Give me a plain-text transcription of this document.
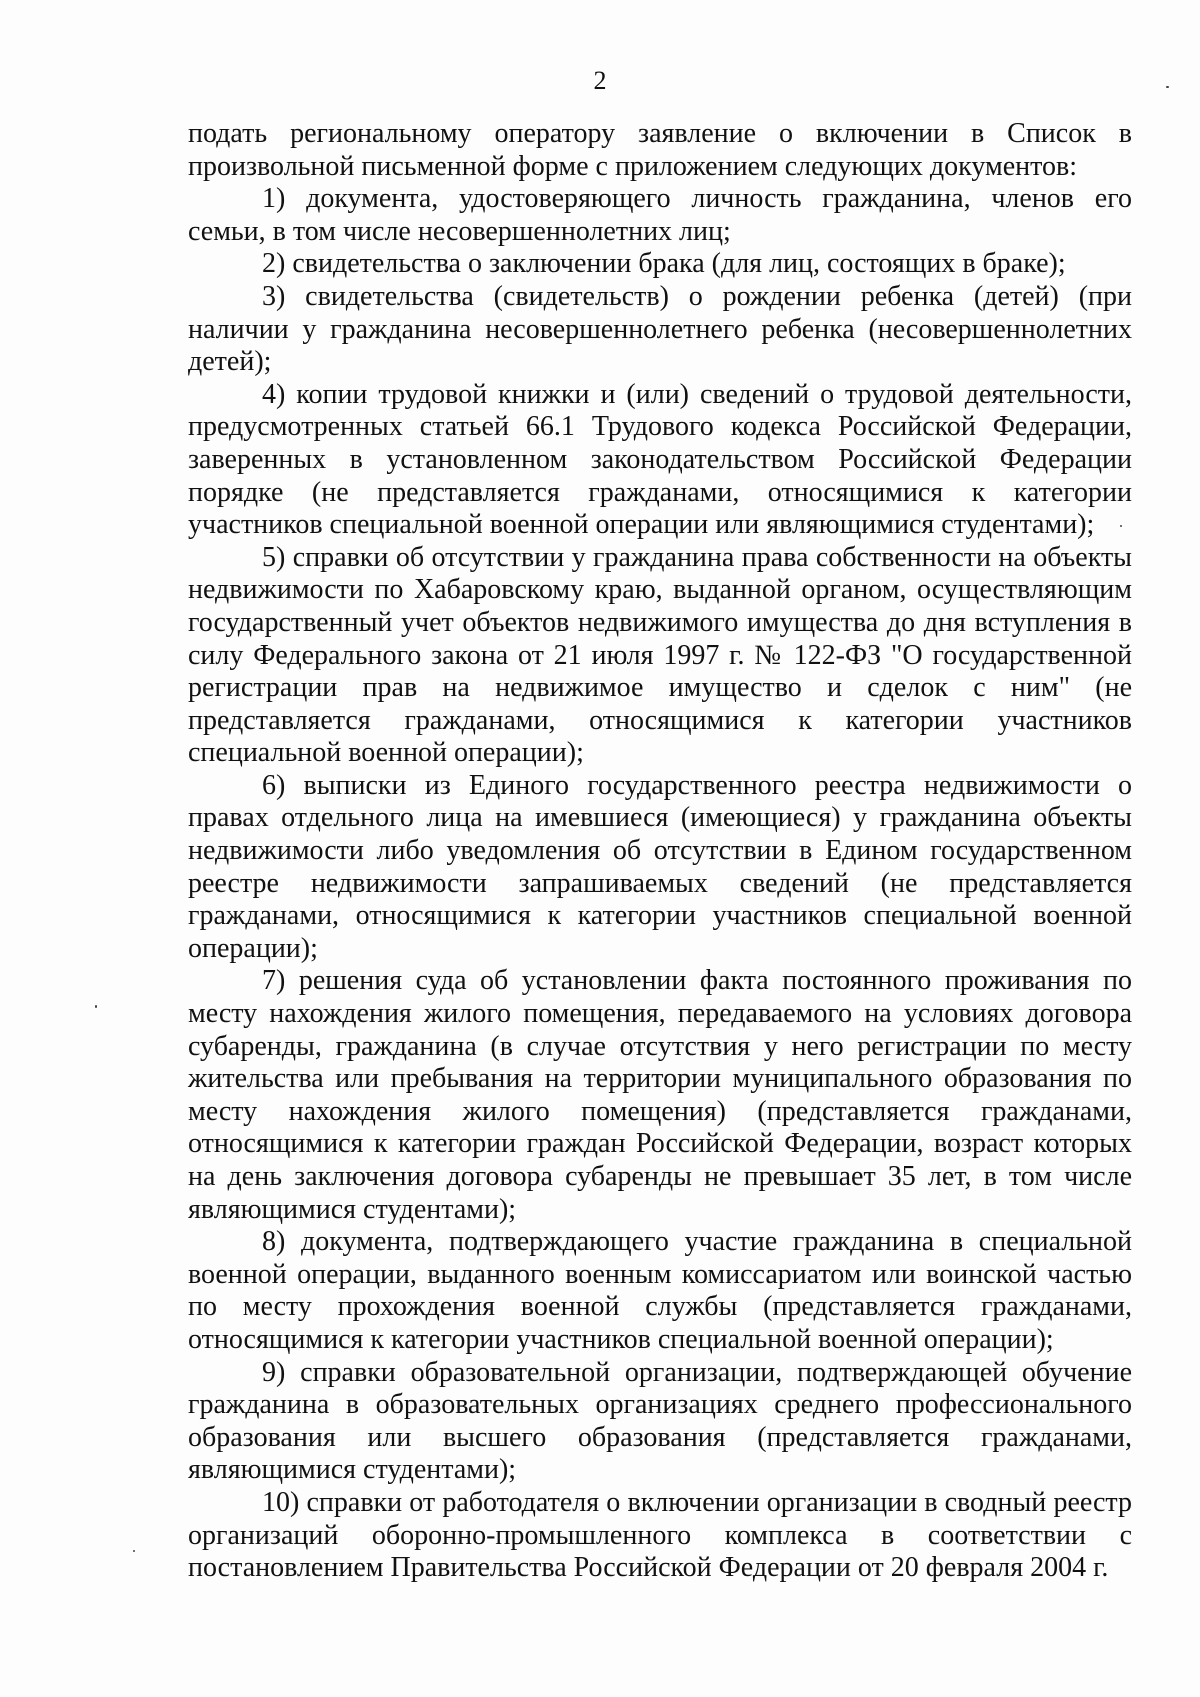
2

подать региональному оператору заявление о включении в Список в произвольной письменной форме с приложением следующих документов:

1) документа, удостоверяющего личность гражданина, членов его семьи, в том числе несовершеннолетних лиц;

2) свидетельства о заключении брака (для лиц, состоящих в браке);

3) свидетельства (свидетельств) о рождении ребенка (детей) (при наличии у гражданина несовершеннолетнего ребенка (несовершеннолетних детей);

4) копии трудовой книжки и (или) сведений о трудовой деятельности, предусмотренных статьей 66.1 Трудового кодекса Российской Федерации, заверенных в установленном законодательством Российской Федерации порядке (не представляется гражданами, относящимися к категории участников специальной военной операции или являющимися студентами);

5) справки об отсутствии у гражданина права собственности на объекты недвижимости по Хабаровскому краю, выданной органом, осуществляющим государственный учет объектов недвижимого имущества до дня вступления в силу Федерального закона от 21 июля 1997 г. № 122-ФЗ "О государственной регистрации прав на недвижимое имущество и сделок с ним" (не представляется гражданами, относящимися к категории участников специальной военной операции);

6) выписки из Единого государственного реестра недвижимости о правах отдельного лица на имевшиеся (имеющиеся) у гражданина объекты недвижимости либо уведомления об отсутствии в Едином государственном реестре недвижимости запрашиваемых сведений (не представляется гражданами, относящимися к категории участников специальной военной операции);

7) решения суда об установлении факта постоянного проживания по месту нахождения жилого помещения, передаваемого на условиях договора субаренды, гражданина (в случае отсутствия у него регистрации по месту жительства или пребывания на территории муниципального образования по месту нахождения жилого помещения) (представляется гражданами, относящимися к категории граждан Российской Федерации, возраст которых на день заключения договора субаренды не превышает 35 лет, в том числе являющимися студентами);

8) документа, подтверждающего участие гражданина в специальной военной операции, выданного военным комиссариатом или воинской частью по месту прохождения военной службы (представляется гражданами, относящимися к категории участников специальной военной операции);

9) справки образовательной организации, подтверждающей обучение гражданина в образовательных организациях среднего профессионального образования или высшего образования (представляется гражданами, являющимися студентами);

10) справки от работодателя о включении организации в сводный реестр организаций оборонно-промышленного комплекса в соответствии с постановлением Правительства Российской Федерации от 20 февраля 2004 г.
